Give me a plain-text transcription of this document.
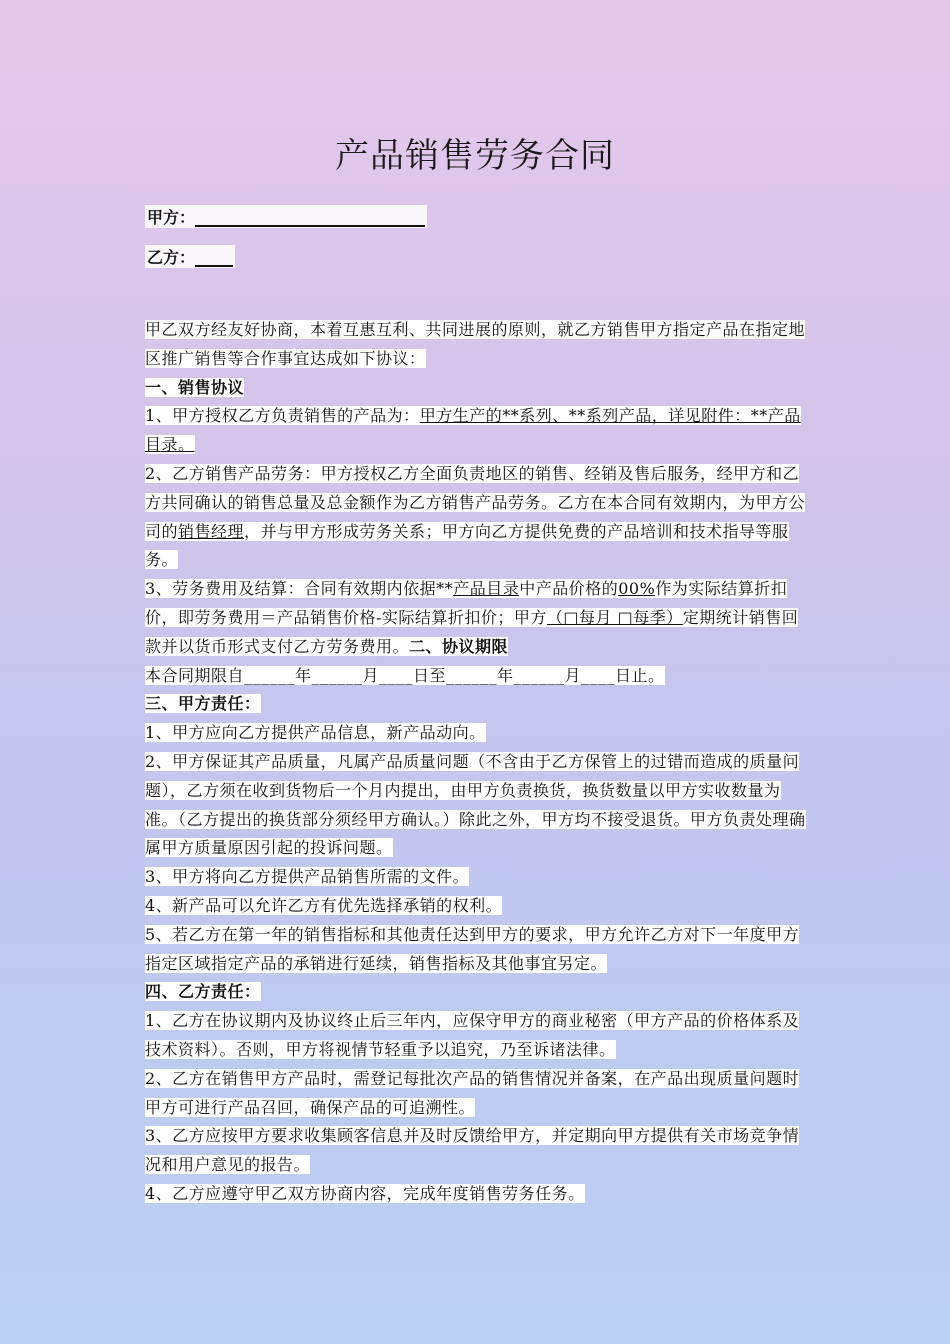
产品销售劳务合同
甲方：
乙方：

甲乙双方经友好协商，本着互惠互利、共同进展的原则，就乙方销售甲方指定产品在指定地区推广销售等合作事宜达成如下协议：

一、销售协议

1、甲方授权乙方负责销售的产品为：甲方生产的**系列、**系列产品，详见附件：**产品目录。

2、乙方销售产品劳务：甲方授权乙方全面负责地区的销售、经销及售后服务，经甲方和乙方共同确认的销售总量及总金额作为乙方销售产品劳务。乙方在本合同有效期内，为甲方公司的销售经理，并与甲方形成劳务关系；甲方向乙方提供免费的产品培训和技术指导等服务。

3、劳务费用及结算：合同有效期内依据**产品目录中产品价格的00%作为实际结算折扣价，即劳务费用＝产品销售价格-实际结算折扣价；甲方（□每月 □每季）定期统计销售回款并以货币形式支付乙方劳务费用。二、协议期限

本合同期限自______年______月____日至______年______月____日止。

三、甲方责任：

1、甲方应向乙方提供产品信息，新产品动向。

2、甲方保证其产品质量，凡属产品质量问题（不含由于乙方保管上的过错而造成的质量问题），乙方须在收到货物后一个月内提出，由甲方负责换货，换货数量以甲方实收数量为准。（乙方提出的换货部分须经甲方确认。）除此之外，甲方均不接受退货。甲方负责处理确属甲方质量原因引起的投诉问题。

3、甲方将向乙方提供产品销售所需的文件。

4、新产品可以允许乙方有优先选择承销的权利。

5、若乙方在第一年的销售指标和其他责任达到甲方的要求，甲方允许乙方对下一年度甲方指定区域指定产品的承销进行延续，销售指标及其他事宜另定。

四、乙方责任：

1、乙方在协议期内及协议终止后三年内，应保守甲方的商业秘密（甲方产品的价格体系及技术资料）。否则，甲方将视情节轻重予以追究，乃至诉诸法律。

2、乙方在销售甲方产品时，需登记每批次产品的销售情况并备案，在产品出现质量问题时甲方可进行产品召回，确保产品的可追溯性。

3、乙方应按甲方要求收集顾客信息并及时反馈给甲方，并定期向甲方提供有关市场竞争情况和用户意见的报告。

4、乙方应遵守甲乙双方协商内容，完成年度销售劳务任务。
